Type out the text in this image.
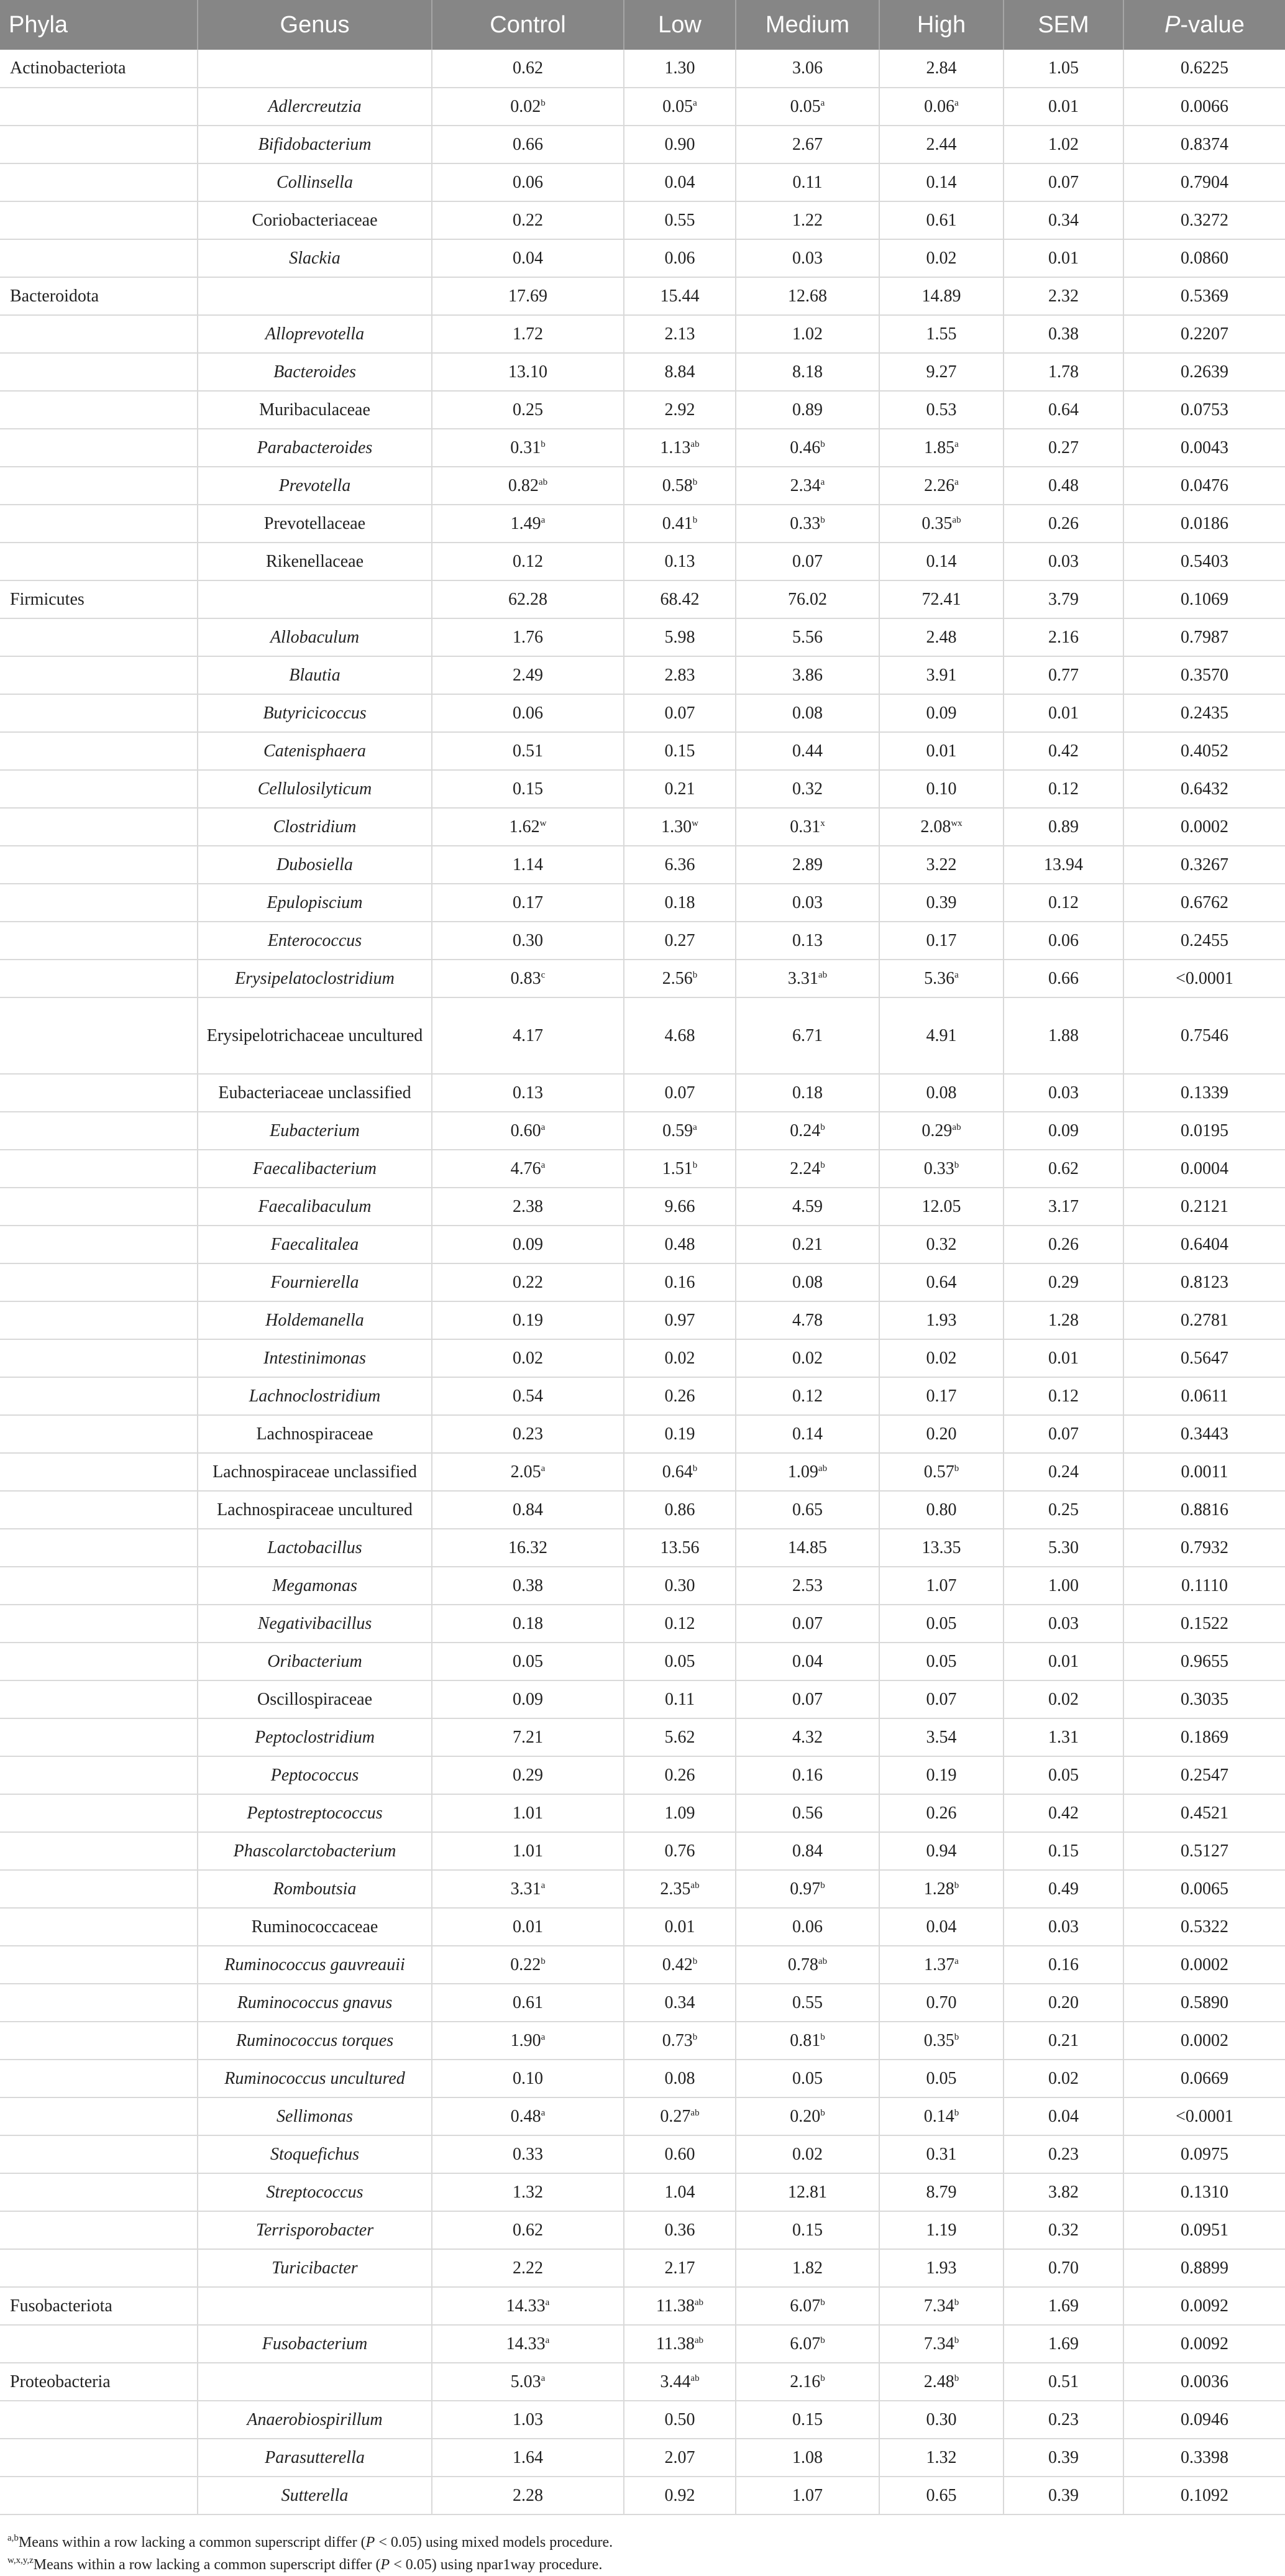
Phyla	Genus	Control	Low	Medium	High	SEM	P-value
Actinobacteriota		0.62	1.30	3.06	2.84	1.05	0.6225
	Adlercreutzia	0.02$^b$	0.05$^a$	0.05$^a$	0.06$^a$	0.01	0.0066
	Bifidobacterium	0.66	0.90	2.67	2.44	1.02	0.8374
	Collinsella	0.06	0.04	0.11	0.14	0.07	0.7904
	Coriobacteriaceae	0.22	0.55	1.22	0.61	0.34	0.3272
	Slackia	0.04	0.06	0.03	0.02	0.01	0.0860
Bacteroidota		17.69	15.44	12.68	14.89	2.32	0.5369
	Alloprevotella	1.72	2.13	1.02	1.55	0.38	0.2207
	Bacteroides	13.10	8.84	8.18	9.27	1.78	0.2639
	Muribaculaceae	0.25	2.92	0.89	0.53	0.64	0.0753
	Parabacteroides	0.31$^b$	1.13$^{ab}$	0.46$^b$	1.85$^a$	0.27	0.0043
	Prevotella	0.82$^{ab}$	0.58$^b$	2.34$^a$	2.26$^a$	0.48	0.0476
	Prevotellaceae	1.49$^a$	0.41$^b$	0.33$^b$	0.35$^{ab}$	0.26	0.0186
	Rikenellaceae	0.12	0.13	0.07	0.14	0.03	0.5403
Firmicutes		62.28	68.42	76.02	72.41	3.79	0.1069
	Allobaculum	1.76	5.98	5.56	2.48	2.16	0.7987
	Blautia	2.49	2.83	3.86	3.91	0.77	0.3570
	Butyricicoccus	0.06	0.07	0.08	0.09	0.01	0.2435
	Catenisphaera	0.51	0.15	0.44	0.01	0.42	0.4052
	Cellulosilyticum	0.15	0.21	0.32	0.10	0.12	0.6432
	Clostridium	1.62$^w$	1.30$^w$	0.31$^x$	$2.08^{wx}$	0.89	0.0002
	Dubosiella	1.14	6.36	2.89	3.22	13.94	0.3267
	Epulopiscium	0.17	0.18	0.03	0.39	0.12	0.6762
	Enterococcus	0.30	0.27	0.13	0.17	0.06	0.2455
	Erysipelatoclostridium	0.83$^c$	2.56$^b$	3.31$^{ab}$	5.36$^a$	0.66	<0.0001
	Erysipelotrichaceae uncultured	4.17	4.68	6.71	4.91	1.88	0.7546
	Eubacteriaceae unclassified	0.13	0.07	0.18	0.08	0.03	0.1339
	Eubacterium	0.60$^a$	0.59$^a$	0.24$^b$	0.29$^{ab}$	0.09	0.0195
	Faecalibacterium	4.76$^a$	1.51$^b$	2.24$^b$	0.33$^b$	0.62	0.0004
	Faecalibaculum	2.38	9.66	4.59	12.05	3.17	0.2121
	Faecalitalea	0.09	0.48	0.21	0.32	0.26	0.6404
	Fournierella	0.22	0.16	0.08	0.64	0.29	0.8123
	Holdemanella	0.19	0.97	4.78	1.93	1.28	0.2781
	Intestinimonas	0.02	0.02	0.02	0.02	0.01	0.5647
	Lachnoclostridium	0.54	0.26	0.12	0.17	0.12	0.0611
	Lachnospiraceae	0.23	0.19	0.14	0.20	0.07	0.3443
	Lachnospiraceae unclassified	2.05$^a$	0.64$^b$	1.09$^{ab}$	0.57$^b$	0.24	0.0011
	Lachnospiraceae uncultured	0.84	0.86	0.65	0.80	0.25	0.8816
	Lactobacillus	16.32	13.56	14.85	13.35	5.30	0.7932
	Megamonas	0.38	0.30	2.53	1.07	1.00	0.1110
	Negativibacillus	0.18	0.12	0.07	0.05	0.03	0.1522
	Oribacterium	0.05	0.05	0.04	0.05	0.01	0.9655
	Oscillospiraceae	0.09	0.11	0.07	0.07	0.02	0.3035
	Peptoclostridium	7.21	5.62	4.32	3.54	1.31	0.1869
	Peptococcus	0.29	0.26	0.16	0.19	0.05	0.2547
	Peptostreptococcus	1.01	1.09	0.56	0.26	0.42	0.4521
	Phascolarctobacterium	1.01	0.76	0.84	0.94	0.15	0.5127
	Romboutsia	3.31$^a$	2.35$^{ab}$	0.97$^b$	1.28$^b$	0.49	0.0065
	Ruminococcaceae	0.01	0.01	0.06	0.04	0.03	0.5322
	Ruminococcus gauvreauii	0.22$^b$	0.42$^b$	0.78$^{ab}$	1.37$^a$	0.16	0.0002
	Ruminococcus gnavus	0.61	0.34	0.55	0.70	0.20	0.5890
	Ruminococcus torques	1.90$^a$	0.73$^b$	0.81$^b$	0.35$^b$	0.21	0.0002
	Ruminococcus uncultured	0.10	0.08	0.05	0.05	0.02	0.0669
	Sellimonas	0.48$^a$	0.27$^{ab}$	0.20$^b$	0.14$^b$	0.04	<0.0001
	Stoquefichus	0.33	0.60	0.02	0.31	0.23	0.0975
	Streptococcus	1.32	1.04	12.81	8.79	3.82	0.1310
	Terrisporobacter	0.62	0.36	0.15	1.19	0.32	0.0951
	Turicibacter	2.22	2.17	1.82	1.93	0.70	0.8899
Fusobacteriota		14.33$^a$	11.38$^{ab}$	6.07$^b$	7.34$^b$	1.69	0.0092
	Fusobacterium	14.33$^a$	11.38$^{ab}$	6.07$^b$	7.34$^b$	1.69	0.0092
Proteobacteria		5.03$^a$	3.44$^{ab}$	2.16$^b$	2.48$^b$	0.51	0.0036
	Anaerobiospirillum	1.03	0.50	0.15	0.30	0.23	0.0946
	Parasutterella	1.64	2.07	1.08	1.32	0.39	0.3398
	Sutterella	2.28	0.92	1.07	0.65	0.39	0.1092

$^{a,b}$Means within a row lacking a common superscript differ (P < 0.05) using mixed models procedure.

$^{w,x,y,z}$Means within a row lacking a common superscript differ (P < 0.05) using npar1way procedure.
